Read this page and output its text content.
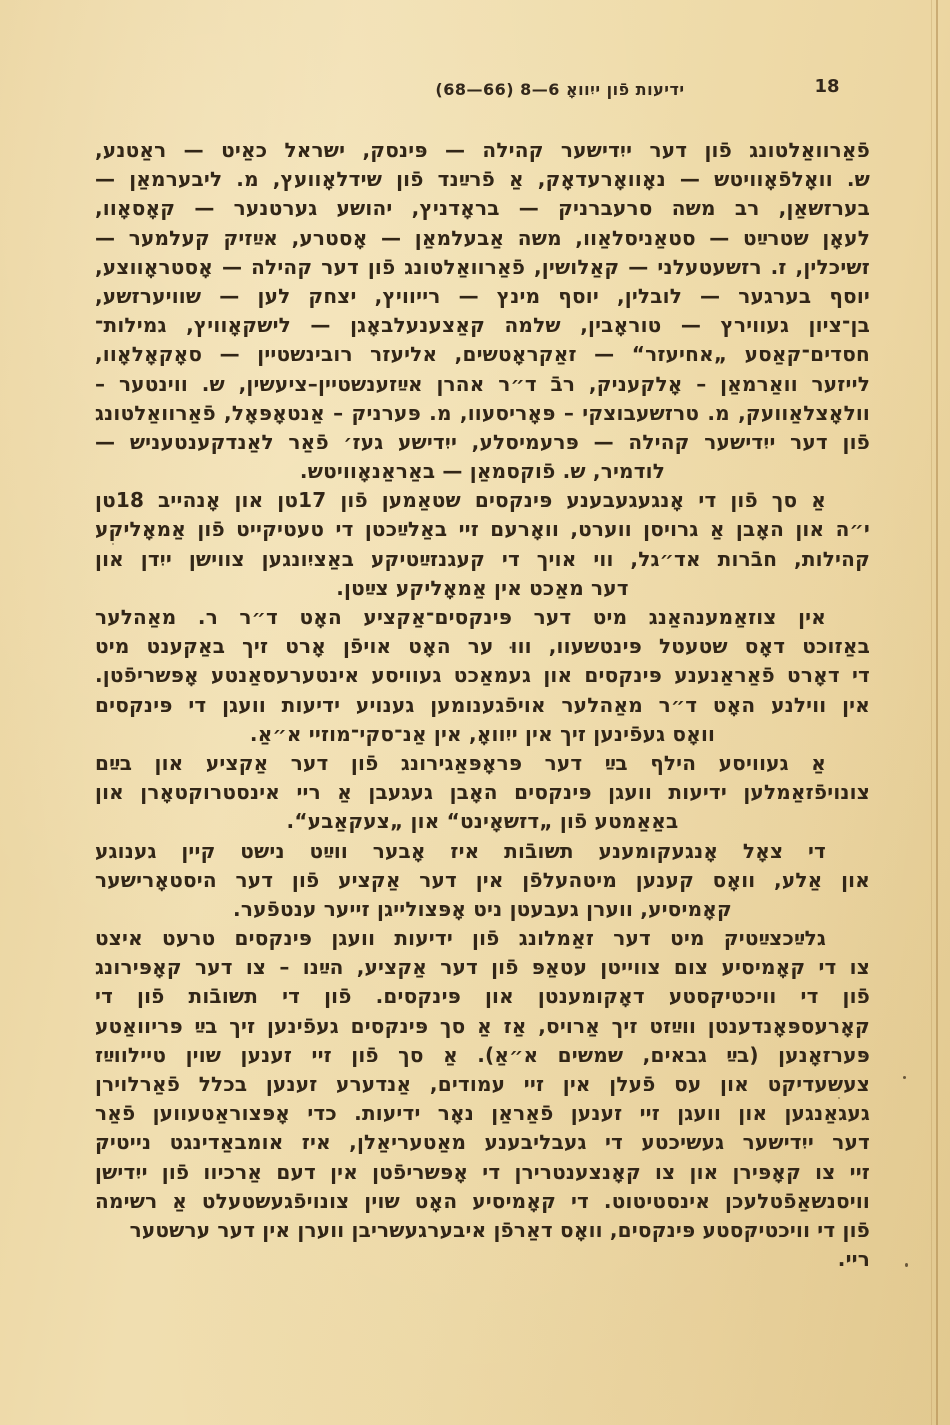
ידיעות פֿון ייִוואָ 6—8 (66—68)	18
פֿאַרוואַלטונג פֿון דער ייִדישער קהילה — פּינסק, ישראל כאַיט — ראַטנע,
ש. וואָלפֿאָוויטש — נאָוואָרעדאָק, אַ פֿרײַנד פֿון שידלאָוועץ, מ. ליבערמאַן —
בערזשאַן, רב משה סרעברניק — בראָדניץ, יהושע גערטנער — קאָסאָוו,
לעאָן שטרײַט — סטאַניסלאַוו, משה אַבעלמאַן — אָסטרע, אײַזיק קעלמער —
זשיכלין, ז. רזשעטעלני — קאַלושין, פֿאַרוואַלטונג פֿון דער קהילה — אָסטראָווצע,
יוסף בערגער — לובלין, יוסף מינץ — רייוויץ, יצחק לען — שוויערזשע,
בן־ציון געווירץ — טוראָבין, שלמה קאַצענעלבאָגן — לישקאָוויץ, גמילות־
חסדים־קאַסע „אחיעזר“ — זאַקראָטשים, אליעזר רובינשטיין — סאָקאָלאָוו,
לייזער וואַרמאַן – אָלקעניק, רבֿ ד״ר אהרן אײַזענשטיין–ציעשין, ש. ווינטער –
וולאָצלאַוועק, מ. טרזשעבוצקי – פּאָריסעוו, מ. פּערניק – אַנטאָפּאָל, פֿאַרוואַלטונג
פֿון דער ייִדישער קהילה — פּרעמיסלע, ייִדישע געז׳ פֿאַר לאַנדקענטעניש —
לודמיר, ש. פֿוקסמאַן — באַראַנאָוויטש.
אַ סך פֿון די אָנגעגעבענע פּינקסים שטאַמען פֿון 17טן און אָנהייב 18טן
י״ה און האָבן אַ גרויסן ווערט, וואָרעם זיי באַלײַכטן די טעטיקייט פֿון אַמאָליקע
קהילות, חבֿרות אד״גל, ווי אויך די קעגנזײַטיקע באַציִונגען צווישן ייִדן און
דער מאַכט אין אַמאָליקע צײַטן.
אין צוזאַמענהאַנג מיט דער פּינקסים־אַקציע האָט ד״ר ר. מאַהלער
באַזוכט דאָס שטעטל פּינטשעוו, וווּ ער האָט אויפֿן אָרט זיך באַקענט מיט
די דאָרט פֿאַראַנענע פּינקסים און געמאַכט געוויסע אינטערעסאַנטע אָפּשריפֿטן.
אין ווילנע האָט ד״ר מאַהלער אויפֿגענומען גענויע ידיעות וועגן די פּינקסים
וואָס געפֿינען זיך אין ייִוואָ, אין אַנ־סקי־מוזיי א״אַ.
אַ געוויסע הילף בײַ דער פּראָפּאַגירונג פֿון דער אַקציע און בײַם
צונויפֿזאַמלען ידיעות וועגן פּינקסים האָבן געגעבן אַ ריי אינסטרוקטאָרן און
באַאַמטע פֿון „דזשאָינט“ און „צעקאַבע“.
די צאָל אָנגעקומענע תשובֿות איז אָבער ווײַט נישט קיין גענוגע
און אַלע, וואָס קענען מיטהעלפֿן אין דער אַקציע פֿון דער היסטאָרישער
קאָמיסיע, ווערן געבעטן ניט אָפּצולייגן זייער ענטפֿער.
גלײַכצײַטיק מיט דער זאַמלונג פֿון ידיעות וועגן פּינקסים טרעט איצט
צו די קאָמיסיע צום צווייטן עטאַפּ פֿון דער אַקציע, הײַנו – צו דער קאָפּירונג
פֿון די וויכטיקסטע דאָקומענטן און פּינקסים. פֿון די תשובֿות פֿון די
קאָרעספּאָנדענטן ווײַזט זיך אַרויס, אַז אַ סך פּינקסים געפֿינען זיך בײַ פּריוואַטע
פּערזאָנען (בײַ גבאים, שמשים א״אַ). אַ סך פֿון זיי זענען שוין טיילווײַז
צעשעדיקט און עס פֿעלן אין זיי עמודים, אַנדערע זענען בכלל פֿאַרלוירן
געגאַנגען און וועגן זיי זענען פֿאַראַן נאָר ידיעות. כדי אָפּצוראַטעווען פֿאַר
דער ייִדישער געשיכטע די געבליבענע מאַטעריאַלן, איז אומבאַדינגט נייטיק
זיי צו קאָפּירן און צו קאָנצענטרירן די אָפּשריפֿטן אין דעם אַרכיוו פֿון ייִדישן
וויסנשאַפֿטלעכן אינסטיטוט. די קאָמיסיע האָט שוין צונויפֿגעשטעלט אַ רשימה
פֿון די וויכטיקסטע פּינקסים, וואָס דאַרפֿן איבערגעשריבן ווערן אין דער ערשטער ריי.
